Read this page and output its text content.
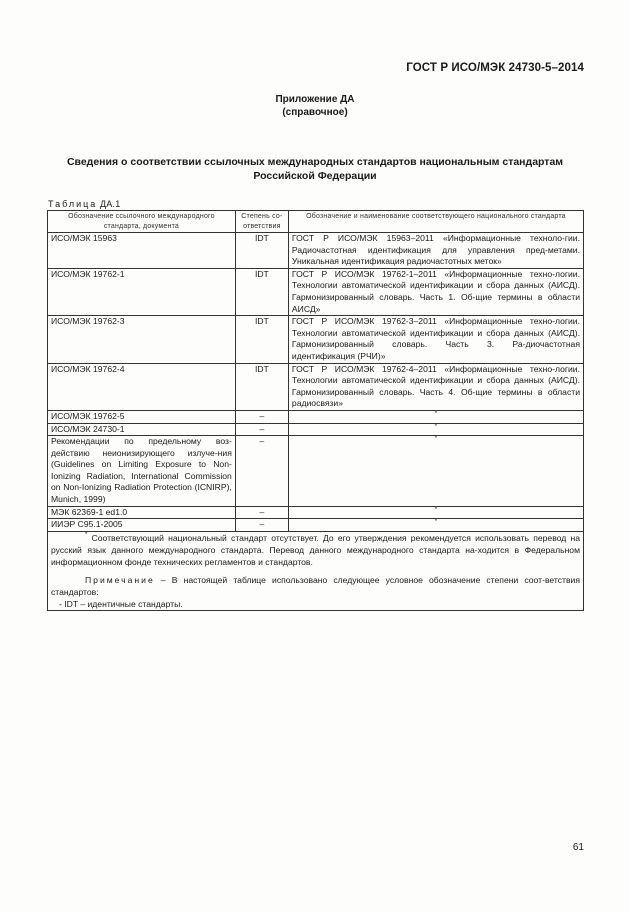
ГОСТ Р ИСО/МЭК 24730-5–2014
Приложение ДА
(справочное)
Сведения о соответствии ссылочных международных стандартов национальным стандартам
Российской Федерации
Таблица ДА.1
Обозначение ссылочного международного стандарта, документа	Степень со-ответствия	Обозначение и наименование соответствующего национального стандарта
ИСО/МЭК 15963	IDT	ГОСТ Р ИСО/МЭК 15963–2011 «Информационные техноло-гии. Радиочастотная идентификация для управления пред-метами. Уникальная идентификация радиочастотных меток»
ИСО/МЭК 19762-1	IDT	ГОСТ Р ИСО/МЭК 19762-1–2011 «Информационные техно-логии. Технологии автоматической идентификации и сбора данных (АИСД). Гармонизированный словарь. Часть 1. Об-щие термины в области АИСД»
ИСО/МЭК 19762-3	IDT	ГОСТ Р ИСО/МЭК 19762-3–2011 «Информационные техно-логии. Технологии автоматической идентификации и сбора данных (АИСД). Гармонизированный словарь. Часть 3. Ра-диочастотная идентификация (РЧИ)»
ИСО/МЭК 19762-4	IDT	ГОСТ Р ИСО/МЭК 19762-4–2011 «Информационные техно-логии. Технологии автоматической идентификации и сбора данных (АИСД). Гармонизированный словарь. Часть 4. Об-щие термины в области радиосвязи»
ИСО/МЭК 19762-5	–	*
ИСО/МЭК 24730-1	–	*
Рекомендации по предельному воз-действию неионизирующего излуче-ния (Guidelines on Limiting Exposure to Non-Ionizing Radiation, International Commission on Non-Ionizing Radiation Protection (ICNIRP), Munich, 1999)	–	*
МЭК 62369-1 ed1.0	–	*
ИИЭР C95.1-2005	–	*

* Соответствующий национальный стандарт отсутствует. До его утверждения рекомендуется использовать перевод на русский язык данного международного стандарта. Перевод данного международного стандарта на-ходится в Федеральном информационном фонде технических регламентов и стандартов.

Примечание – В настоящей таблице использовано следующее условное обозначение степени соот-ветствия стандартов:

- IDT – идентичные стандарты.		

61
